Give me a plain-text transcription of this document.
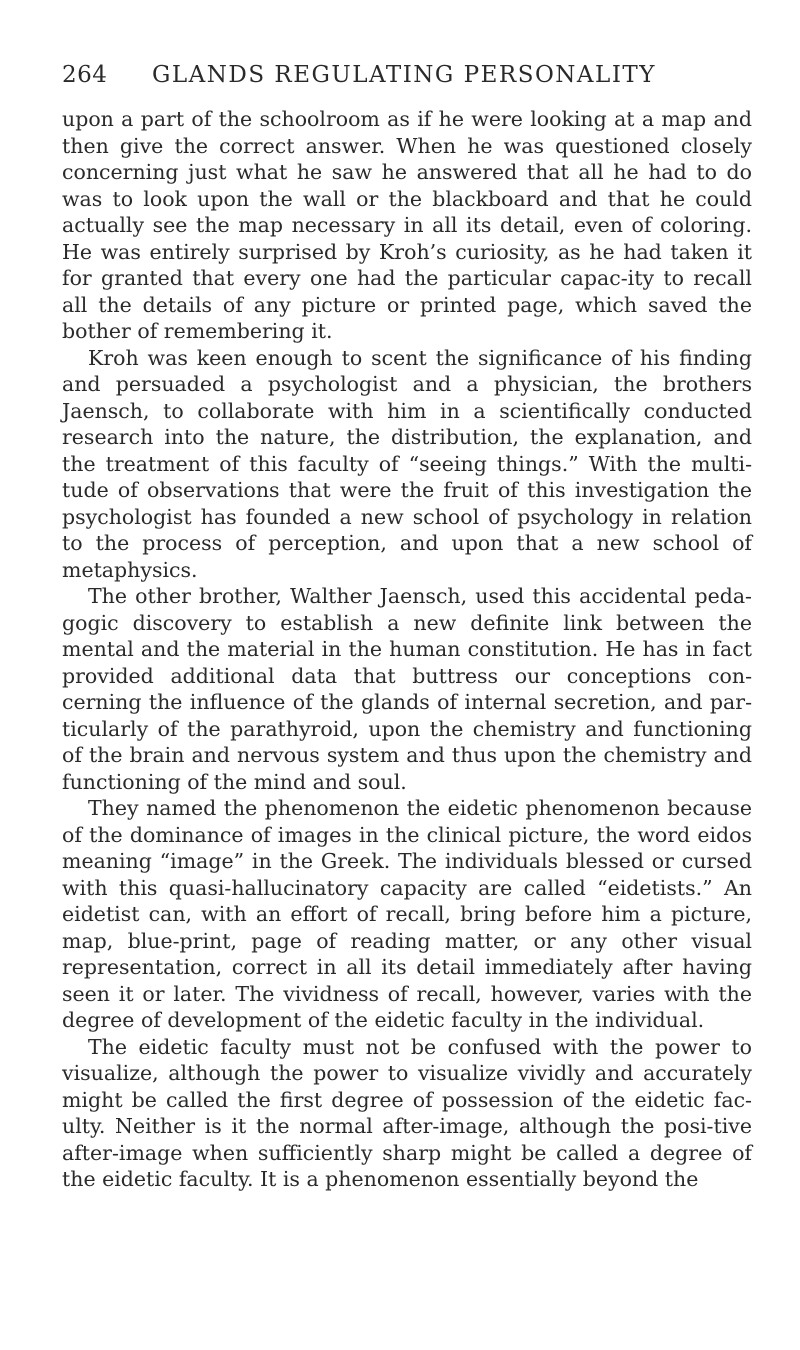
264	GLANDS REGULATING PERSONALITY

upon a part of the schoolroom as if he were looking at a map and then give the correct answer. When he was questioned closely concerning just what he saw he answered that all he had to do was to look upon the wall or the blackboard and that he could actually see the map necessary in all its detail, even of coloring. He was entirely surprised by Kroh’s curiosity, as he had taken it for granted that every one had the particular capac-ity to recall all the details of any picture or printed page, which saved the bother of remembering it.

Kroh was keen enough to scent the significance of his finding and persuaded a psychologist and a physician, the brothers Jaensch, to collaborate with him in a scientifically conducted research into the nature, the distribution, the explanation, and the treatment of this faculty of “seeing things.” With the multi-tude of observations that were the fruit of this investigation the psychologist has founded a new school of psychology in relation to the process of perception, and upon that a new school of metaphysics.

The other brother, Walther Jaensch, used this accidental peda-gogic discovery to establish a new definite link between the mental and the material in the human constitution. He has in fact provided additional data that buttress our conceptions con-cerning the influence of the glands of internal secretion, and par-ticularly of the parathyroid, upon the chemistry and functioning of the brain and nervous system and thus upon the chemistry and functioning of the mind and soul.

They named the phenomenon the eidetic phenomenon because of the dominance of images in the clinical picture, the word eidos meaning “image” in the Greek. The individuals blessed or cursed with this quasi-hallucinatory capacity are called “eidetists.” An eidetist can, with an effort of recall, bring before him a picture, map, blue-print, page of reading matter, or any other visual representation, correct in all its detail immediately after having seen it or later. The vividness of recall, however, varies with the degree of development of the eidetic faculty in the individual.

The eidetic faculty must not be confused with the power to visualize, although the power to visualize vividly and accurately might be called the first degree of possession of the eidetic fac-ulty. Neither is it the normal after-image, although the posi-tive after-image when sufficiently sharp might be called a degree of the eidetic faculty. It is a phenomenon essentially beyond the
